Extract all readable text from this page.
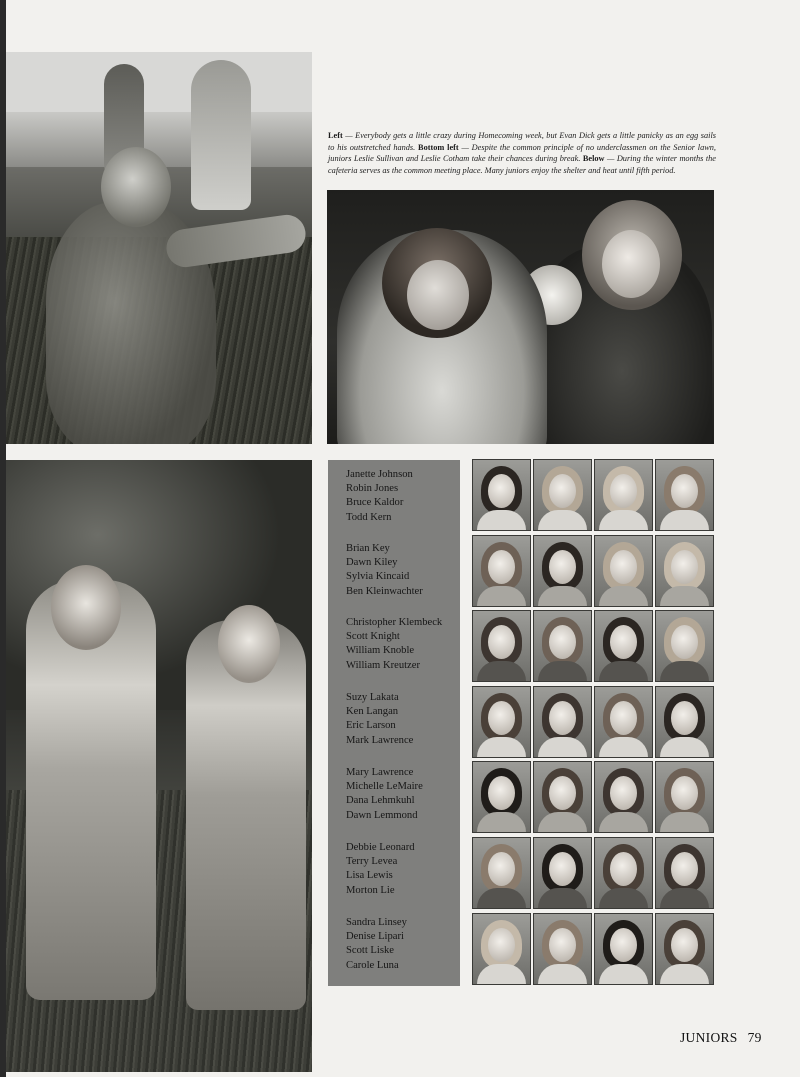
Left — Everybody gets a little crazy during Homecoming week, but Evan Dick gets a little panicky as an egg sails to his outstretched hands. Bottom left — Despite the common principle of no underclassmen on the Senior lawn, juniors Leslie Sullivan and Leslie Cotham take their chances during break. Below — During the winter months the cafeteria serves as the common meeting place. Many juniors enjoy the shelter and heat until fifth period.
Janette Johnson
Robin Jones
Bruce Kaldor
Todd Kern
Brian Key
Dawn Kiley
Sylvia Kincaid
Ben Kleinwachter
Christopher Klembeck
Scott Knight
William Knoble
William Kreutzer
Suzy Lakata
Ken Langan
Eric Larson
Mark Lawrence
Mary Lawrence
Michelle LeMaire
Dana Lehmkuhl
Dawn Lemmond
Debbie Leonard
Terry Levea
Lisa Lewis
Morton Lie
Sandra Linsey
Denise Lipari
Scott Liske
Carole Luna
JUNIORS 79
